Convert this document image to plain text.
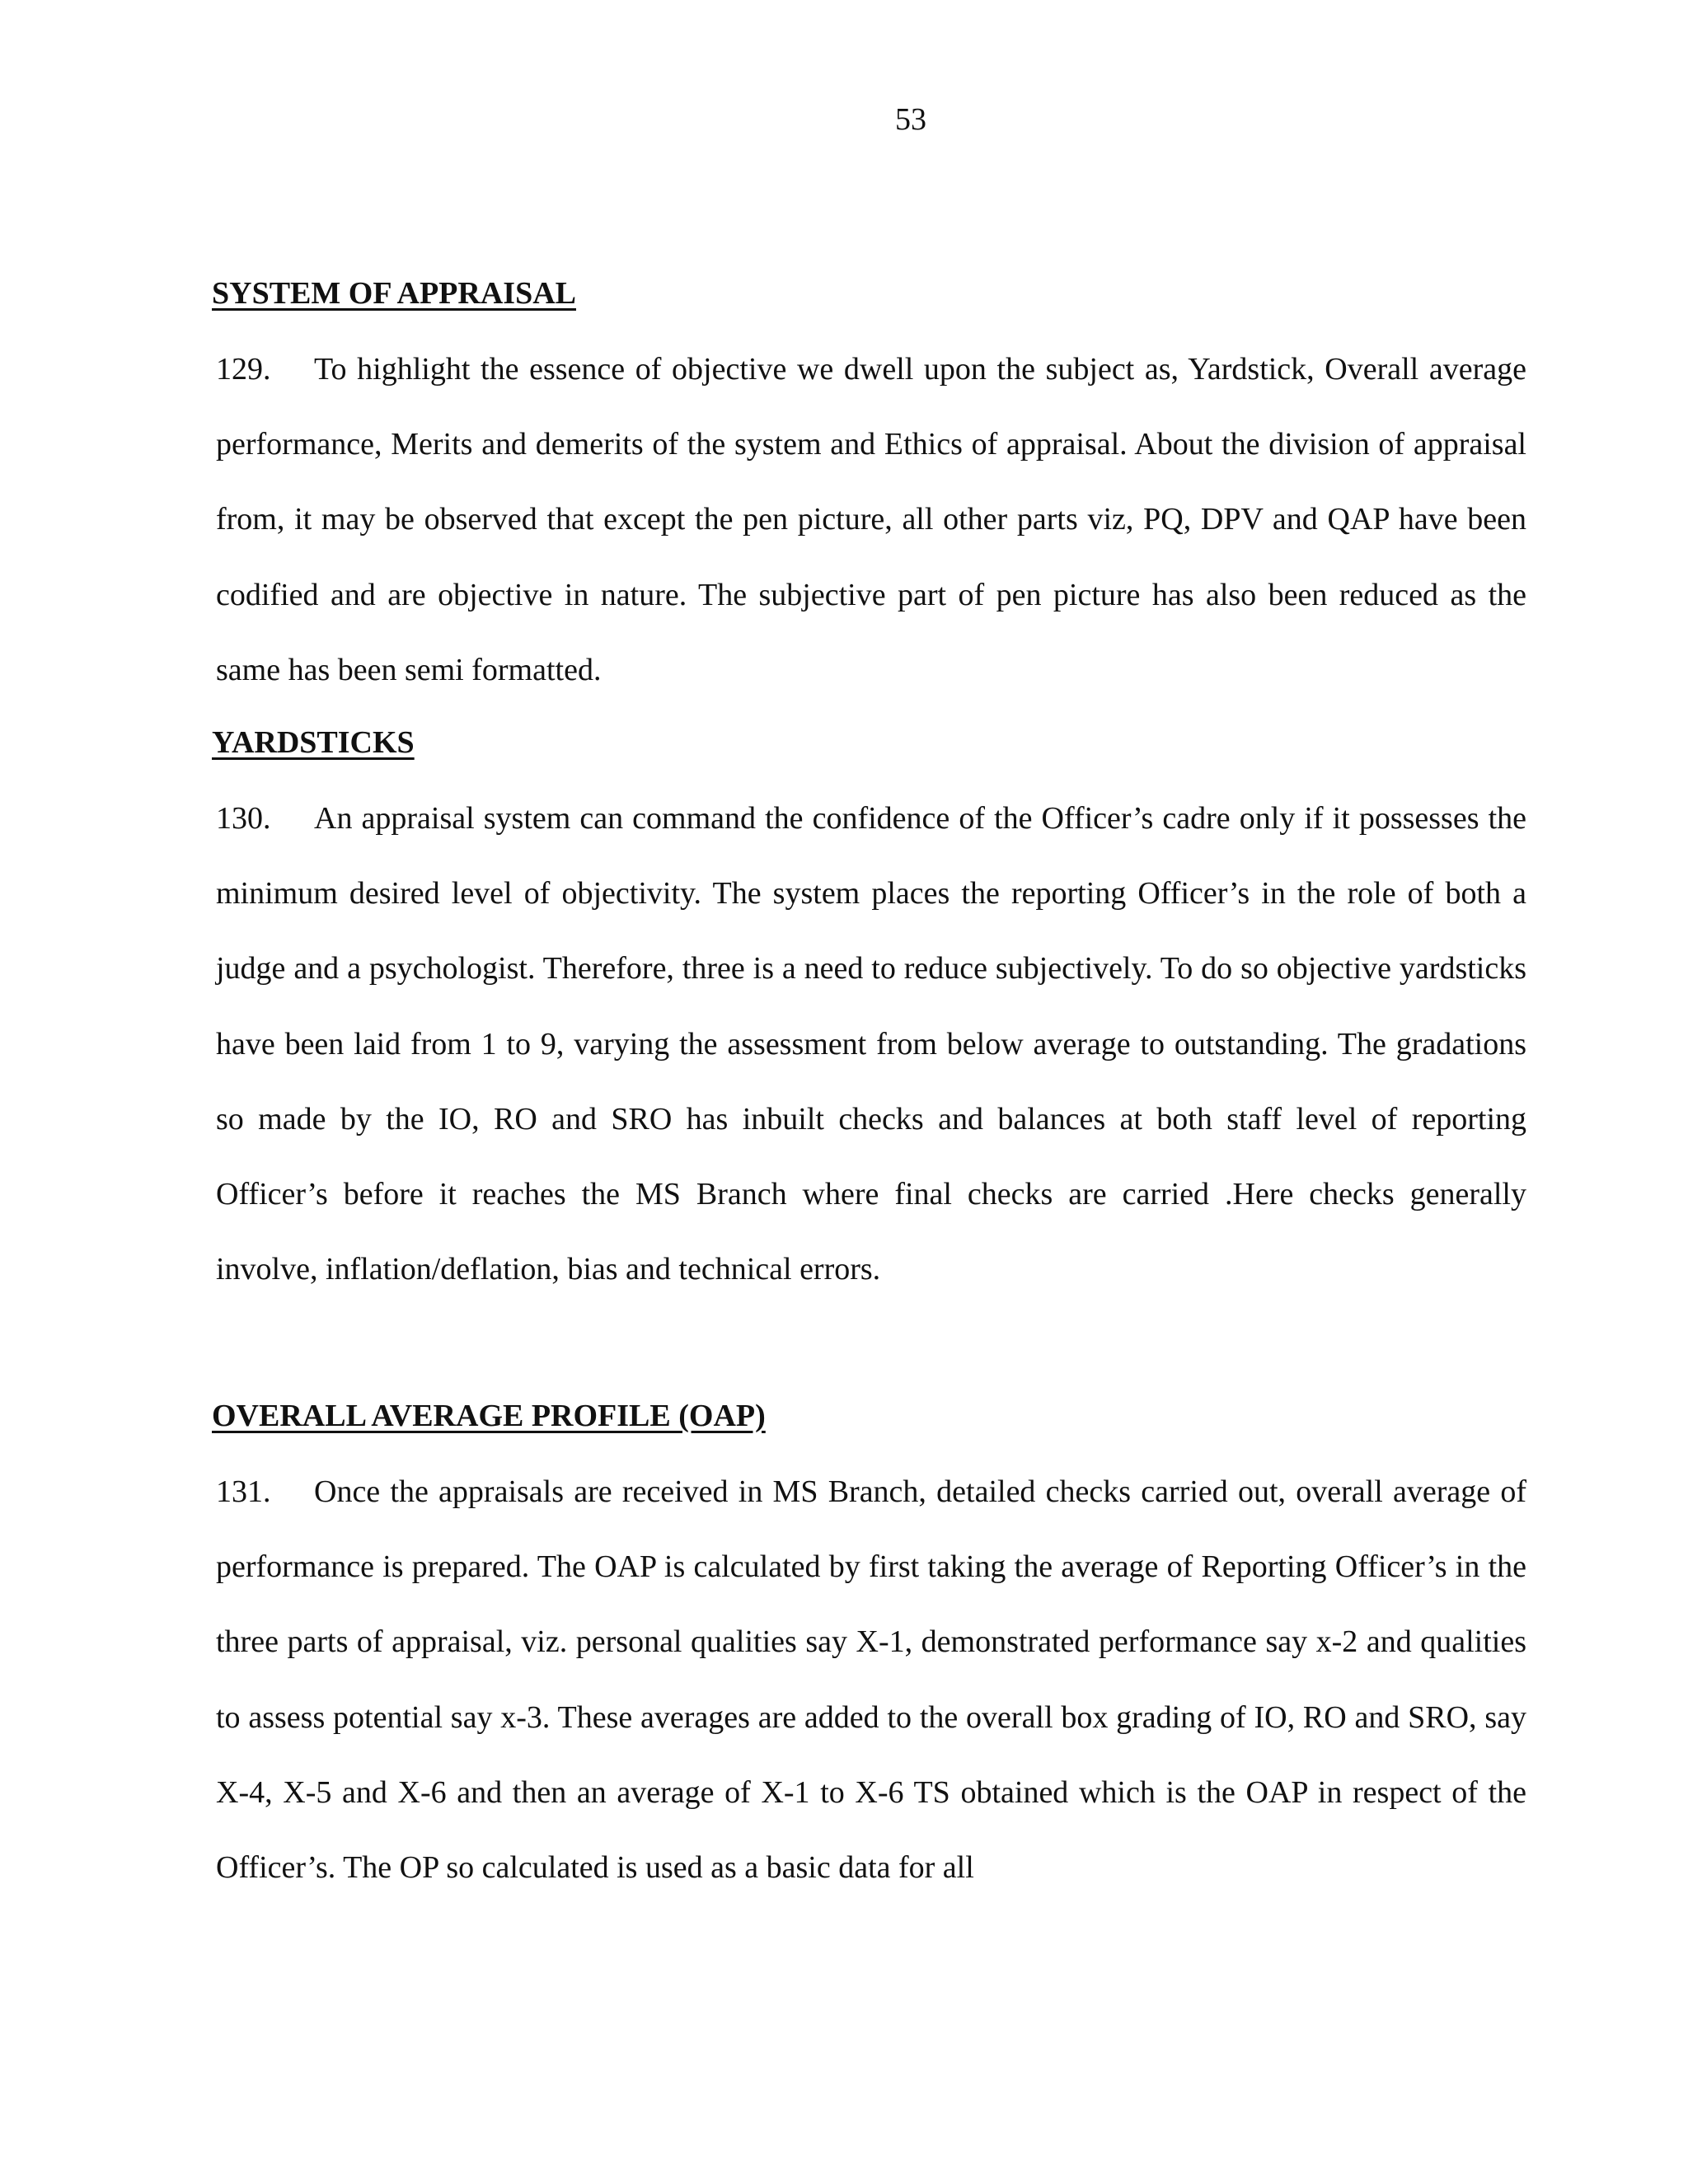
53
SYSTEM OF APPRAISAL

129. To highlight the essence of objective we dwell upon the subject as, Yardstick, Overall average performance, Merits and demerits of the system and Ethics of appraisal. About the division of appraisal from, it may be observed that except the pen picture, all other parts viz, PQ, DPV and QAP have been codified and are objective in nature. The subjective part of pen picture has also been reduced as the same has been semi formatted.

YARDSTICKS

130. An appraisal system can command the confidence of the Officer’s cadre only if it possesses the minimum desired level of objectivity. The system places the reporting Officer’s in the role of both a judge and a psychologist. Therefore, three is a need to reduce subjectively. To do so objective yardsticks have been laid from 1 to 9, varying the assessment from below average to outstanding. The gradations so made by the IO, RO and SRO has inbuilt checks and balances at both staff level of reporting Officer’s before it reaches the MS Branch where final checks are carried .Here checks generally involve, inflation/deflation, bias and technical errors.

OVERALL AVERAGE PROFILE (OAP)

131. Once the appraisals are received in MS Branch, detailed checks carried out, overall average of performance is prepared. The OAP is calculated by first taking the average of Reporting Officer’s in the three parts of appraisal, viz. personal qualities say X-1, demonstrated performance say x-2 and qualities to assess potential say x-3. These averages are added to the overall box grading of IO, RO and SRO, say X-4, X-5 and X-6 and then an average of X-1 to X-6 TS obtained which is the OAP in respect of the Officer’s. The OP so calculated is used as a basic data for all
